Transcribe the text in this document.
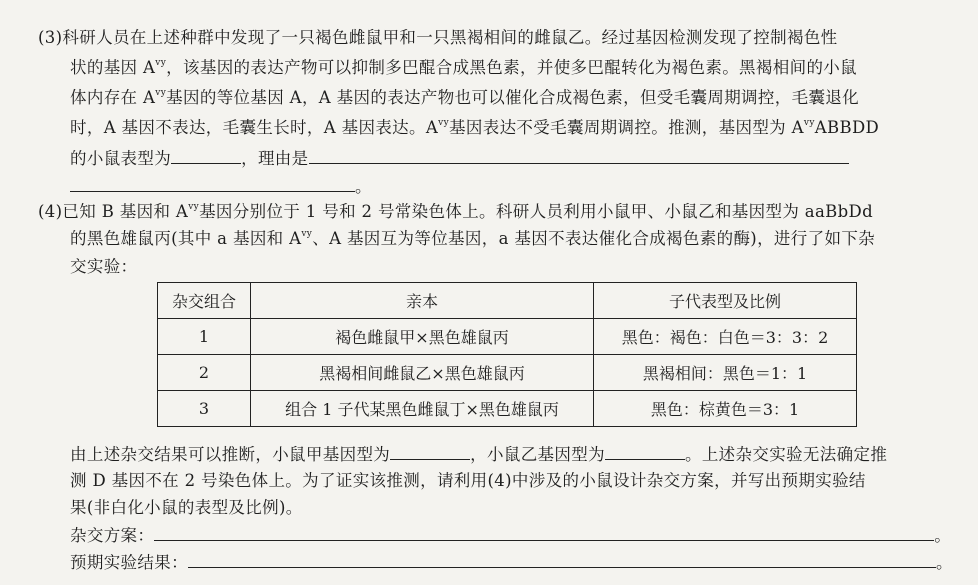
(3)科研人员在上述种群中发现了一只褐色雌鼠甲和一只黑褐相间的雌鼠乙。经过基因检测发现了控制褐色性
状的基因 $A^{vy}$，该基因的表达产物可以抑制多巴醌合成黑色素，并使多巴醌转化为褐色素。黑褐相间的小鼠
体内存在 $A^{vy}$基因的等位基因 A，A 基因的表达产物也可以催化合成褐色素，但受毛囊周期调控，毛囊退化
时，A 基因不表达，毛囊生长时，A 基因表达。$A^{vy}$基因表达不受毛囊周期调控。推测，基因型为 $A^{vy}ABBDD$
的小鼠表型为	，理由是
。
(4)已知 B 基因和 $A^{vy}$基因分别位于 1 号和 2 号常染色体上。科研人员利用小鼠甲、小鼠乙和基因型为 aaBbDd
的黑色雄鼠丙(其中 a 基因和 $A^{vy}$、A 基因互为等位基因，a 基因不表达催化合成褐色素的酶)，进行了如下杂
交实验：
杂交组合	亲本	子代表型及比例
1	褐色雌鼠甲×黑色雄鼠丙	黑色：褐色：白色＝3：3：2
2	黑褐相间雌鼠乙×黑色雄鼠丙	黑褐相间：黑色＝1：1
3	组合 1 子代某黑色雌鼠丁×黑色雄鼠丙	黑色：棕黄色＝3：1
由上述杂交结果可以推断，小鼠甲基因型为	，小鼠乙基因型为	。上述杂交实验无法确定推
测 D 基因不在 2 号染色体上。为了证实该推测，请利用(4)中涉及的小鼠设计杂交方案，并写出预期实验结
果(非白化小鼠的表型及比例)。
杂交方案：	。
预期实验结果：	。
